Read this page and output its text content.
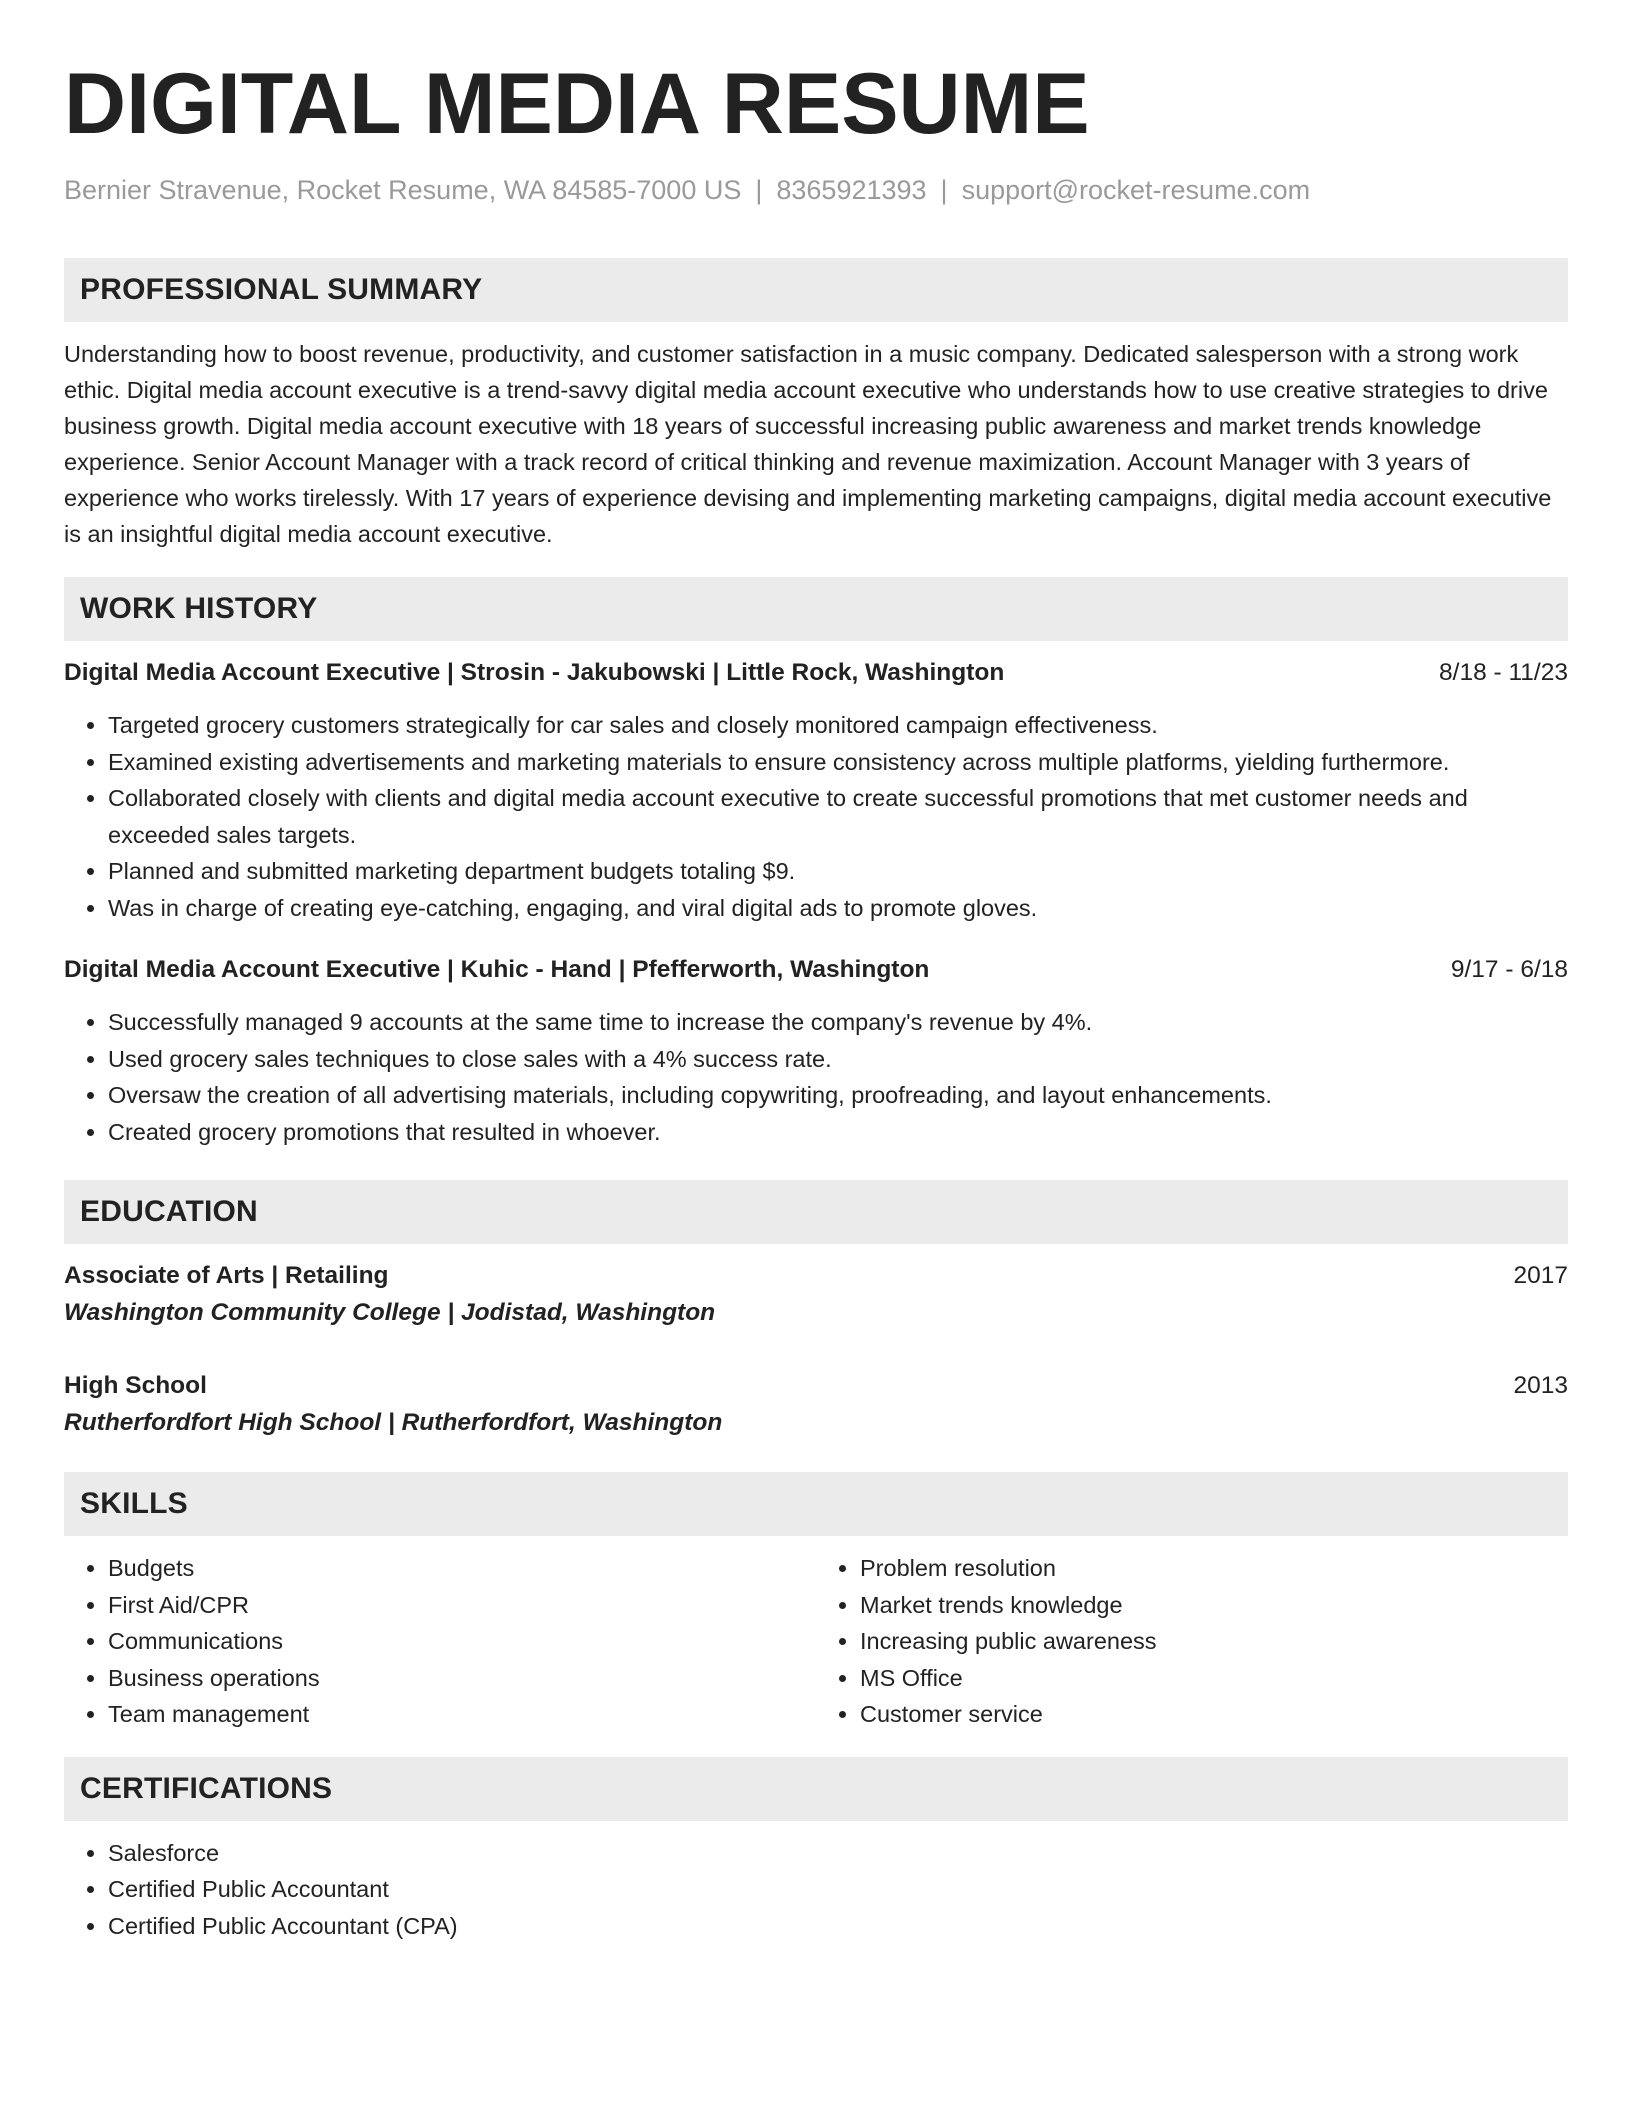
DIGITAL MEDIA RESUME
Bernier Stravenue, Rocket Resume, WA 84585-7000 US | 8365921393 | support@rocket-resume.com
PROFESSIONAL SUMMARY

Understanding how to boost revenue, productivity, and customer satisfaction in a music company. Dedicated salesperson with a strong work ethic. Digital media account executive is a trend-savvy digital media account executive who understands how to use creative strategies to drive business growth. Digital media account executive with 18 years of successful increasing public awareness and market trends knowledge experience. Senior Account Manager with a track record of critical thinking and revenue maximization. Account Manager with 3 years of experience who works tirelessly. With 17 years of experience devising and implementing marketing campaigns, digital media account executive is an insightful digital media account executive.

WORK HISTORY
Digital Media Account Executive | Strosin - Jakubowski | Little Rock, Washington	8/18 - 11/23
• Targeted grocery customers strategically for car sales and closely monitored campaign effectiveness.
• Examined existing advertisements and marketing materials to ensure consistency across multiple platforms, yielding furthermore.
• Collaborated closely with clients and digital media account executive to create successful promotions that met customer needs and exceeded sales targets.
• Planned and submitted marketing department budgets totaling $9.
• Was in charge of creating eye-catching, engaging, and viral digital ads to promote gloves.
Digital Media Account Executive | Kuhic - Hand | Pfefferworth, Washington	9/17 - 6/18
• Successfully managed 9 accounts at the same time to increase the company's revenue by 4%.
• Used grocery sales techniques to close sales with a 4% success rate.
• Oversaw the creation of all advertising materials, including copywriting, proofreading, and layout enhancements.
• Created grocery promotions that resulted in whoever.
EDUCATION
Associate of Arts | Retailing	2017
Washington Community College | Jodistad, Washington
High School	2013
Rutherfordfort High School | Rutherfordfort, Washington
SKILLS
• Budgets
• First Aid/CPR
• Communications
• Business operations
• Team management
• Problem resolution
• Market trends knowledge
• Increasing public awareness
• MS Office
• Customer service
CERTIFICATIONS
• Salesforce
• Certified Public Accountant
• Certified Public Accountant (CPA)
